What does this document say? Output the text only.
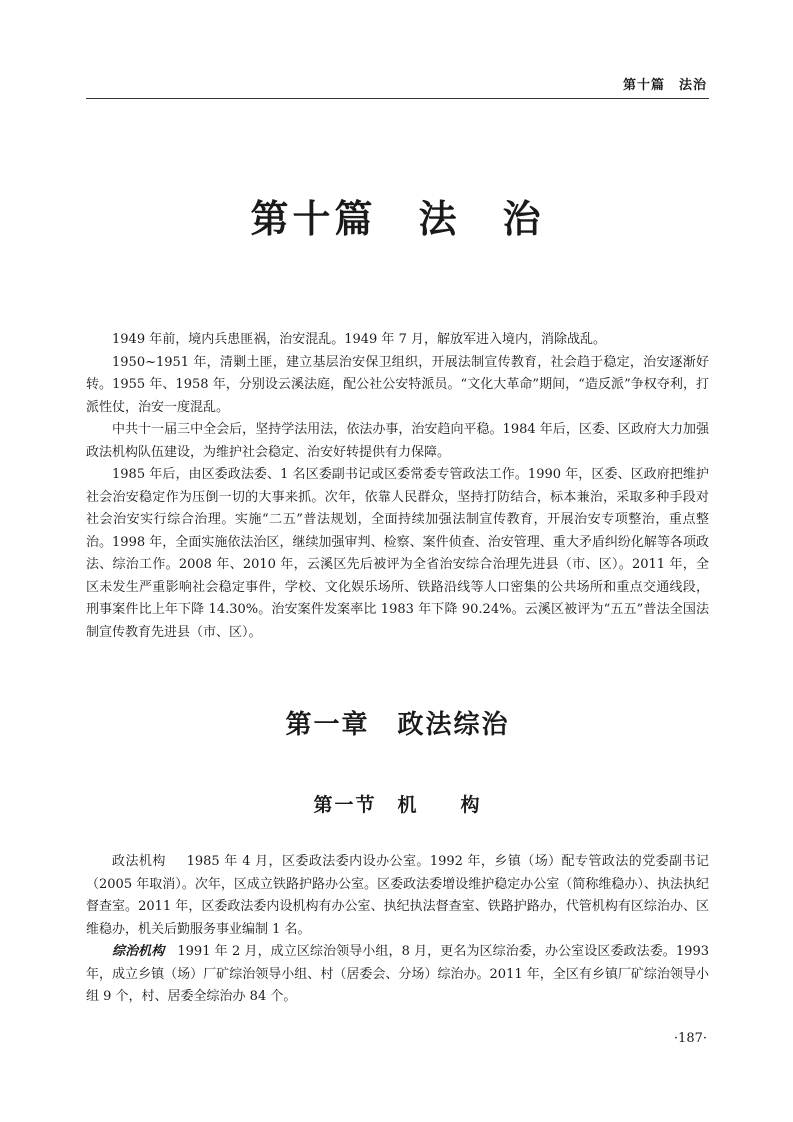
第十篇　法治
第十篇　法　治

1949 年前，境内兵患匪祸，治安混乱。1949 年 7 月，解放军进入境内，消除战乱。

1950~1951 年，清剿土匪，建立基层治安保卫组织，开展法制宣传教育，社会趋于稳定，治安逐渐好转。1955 年、1958 年，分别设云溪法庭，配公社公安特派员。“文化大革命”期间，“造反派”争权夺利，打派性仗，治安一度混乱。

中共十一届三中全会后，坚持学法用法，依法办事，治安趋向平稳。1984 年后，区委、区政府大力加强政法机构队伍建设，为维护社会稳定、治安好转提供有力保障。

1985 年后，由区委政法委、1 名区委副书记或区委常委专管政法工作。1990 年，区委、区政府把维护社会治安稳定作为压倒一切的大事来抓。次年，依靠人民群众，坚持打防结合，标本兼治，采取多种手段对社会治安实行综合治理。实施“二五”普法规划，全面持续加强法制宣传教育，开展治安专项整治，重点整治。1998 年，全面实施依法治区，继续加强审判、检察、案件侦查、治安管理、重大矛盾纠纷化解等各项政法、综治工作。2008 年、2010 年，云溪区先后被评为全省治安综合治理先进县（市、区）。2011 年，全区未发生严重影响社会稳定事件，学校、文化娱乐场所、铁路沿线等人口密集的公共场所和重点交通线段，刑事案件比上年下降 14.30%。治安案件发案率比 1983 年下降 90.24%。云溪区被评为“五五”普法全国法制宣传教育先进县（市、区）。

第一章　政法综治
第一节　机　　构

政法机构 1985 年 4 月，区委政法委内设办公室。1992 年，乡镇（场）配专管政法的党委副书记（2005 年取消）。次年，区成立铁路护路办公室。区委政法委增设维护稳定办公室（简称维稳办）、执法执纪督查室。2011 年，区委政法委内设机构有办公室、执纪执法督查室、铁路护路办，代管机构有区综治办、区维稳办，机关后勤服务事业编制 1 名。

综治机构 1991 年 2 月，成立区综治领导小组，8 月，更名为区综治委，办公室设区委政法委。1993 年，成立乡镇（场）厂矿综治领导小组、村（居委会、分场）综治办。2011 年，全区有乡镇厂矿综治领导小组 9 个，村、居委全综治办 84 个。

·187·
